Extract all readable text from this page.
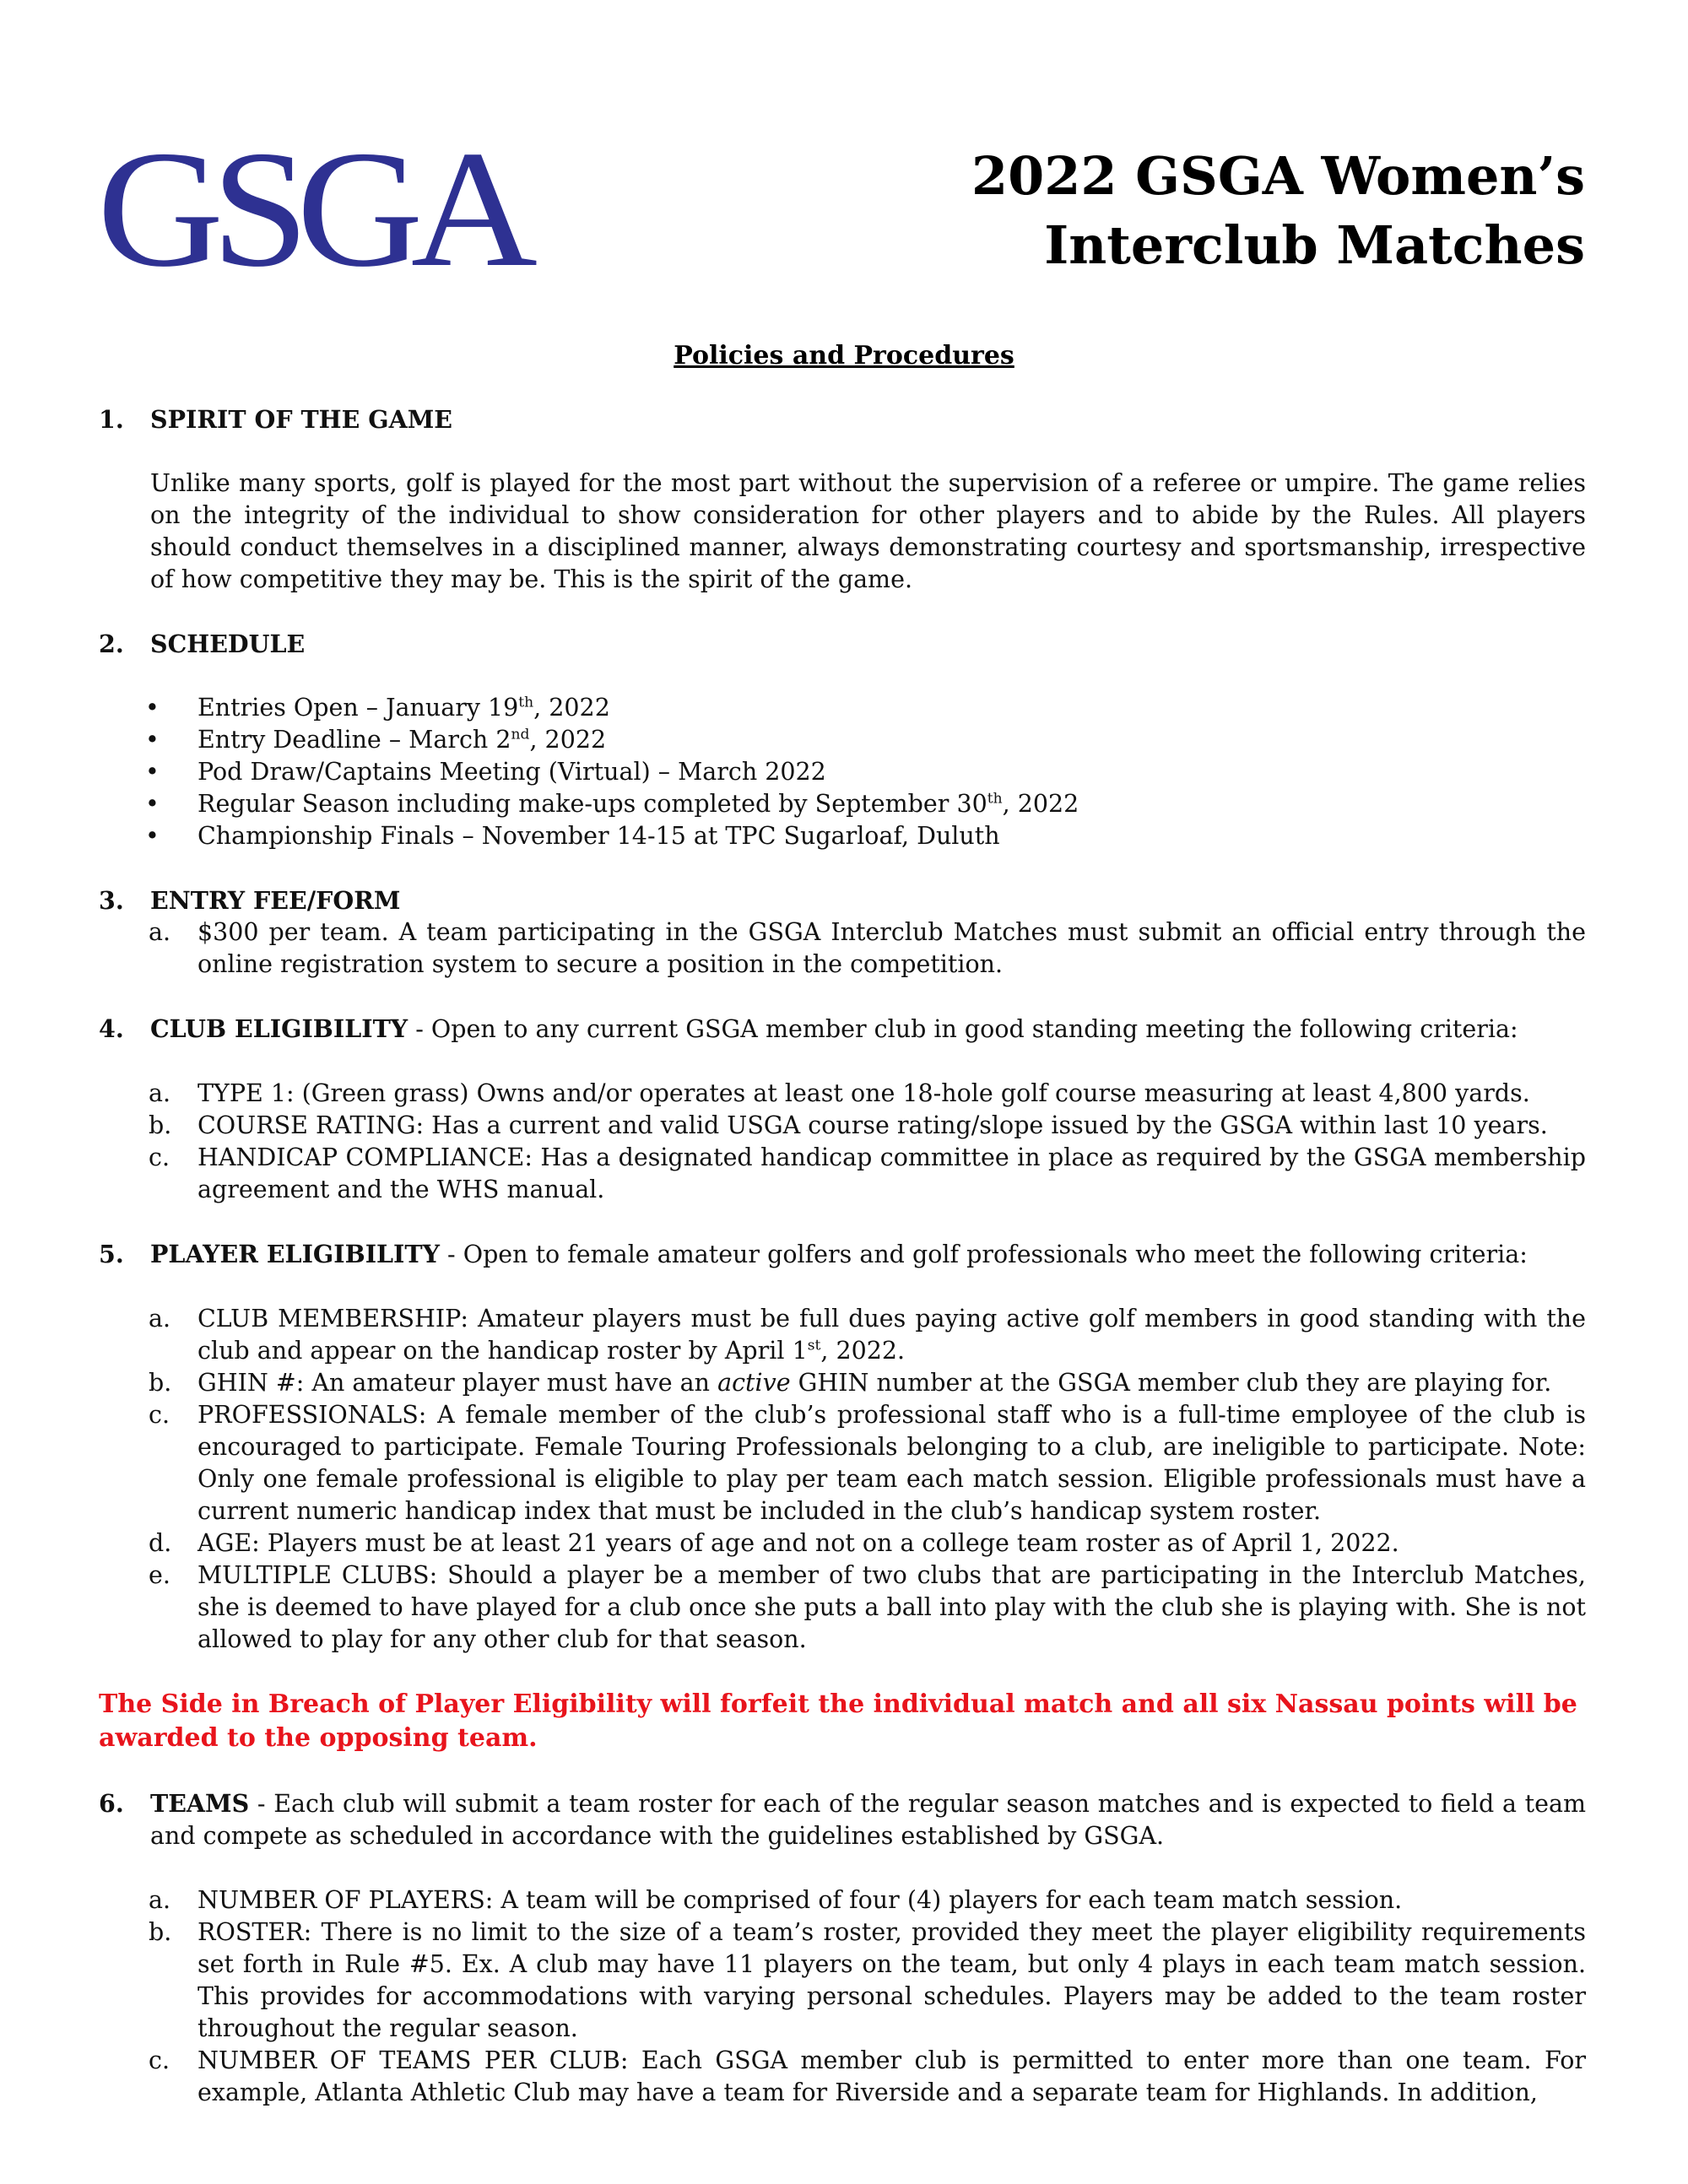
GSGA	2022 GSGA Women’s
Interclub Matches
Policies and Procedures
1.	SPIRIT OF THE GAME
Unlike many sports, golf is played for the most part without the supervision of a referee or umpire. The game relies on the integrity of the individual to show consideration for other players and to abide by the Rules. All players should conduct themselves in a disciplined manner, always demonstrating courtesy and sportsmanship, irrespective of how competitive they may be. This is the spirit of the game.
2.	SCHEDULE
• Entries Open – January 19th, 2022
• Entry Deadline – March 2nd, 2022
• Pod Draw/Captains Meeting (Virtual) – March 2022
• Regular Season including make-ups completed by September 30th, 2022
• Championship Finals – November 14-15 at TPC Sugarloaf, Duluth
3.	ENTRY FEE/FORM
a.	$300 per team. A team participating in the GSGA Interclub Matches must submit an official entry through the online registration system to secure a position in the competition.
4.	CLUB ELIGIBILITY - Open to any current GSGA member club in good standing meeting the following criteria:
a.	TYPE 1: (Green grass) Owns and/or operates at least one 18-hole golf course measuring at least 4,800 yards.
b.	COURSE RATING: Has a current and valid USGA course rating/slope issued by the GSGA within last 10 years.
c.	HANDICAP COMPLIANCE: Has a designated handicap committee in place as required by the GSGA membership agreement and the WHS manual.
5.	PLAYER ELIGIBILITY - Open to female amateur golfers and golf professionals who meet the following criteria:
a.	CLUB MEMBERSHIP: Amateur players must be full dues paying active golf members in good standing with the club and appear on the handicap roster by April 1st, 2022.
b.	GHIN #: An amateur player must have an active GHIN number at the GSGA member club they are playing for.
c.	PROFESSIONALS: A female member of the club’s professional staff who is a full-time employee of the club is encouraged to participate. Female Touring Professionals belonging to a club, are ineligible to participate. Note: Only one female professional is eligible to play per team each match session. Eligible professionals must have a current numeric handicap index that must be included in the club’s handicap system roster.
d.	AGE: Players must be at least 21 years of age and not on a college team roster as of April 1, 2022.
e.	MULTIPLE CLUBS: Should a player be a member of two clubs that are participating in the Interclub Matches, she is deemed to have played for a club once she puts a ball into play with the club she is playing with. She is not allowed to play for any other club for that season.
The Side in Breach of Player Eligibility will forfeit the individual match and all six Nassau points will be awarded to the opposing team.
6.	TEAMS - Each club will submit a team roster for each of the regular season matches and is expected to field a team and compete as scheduled in accordance with the guidelines established by GSGA.
a.	NUMBER OF PLAYERS: A team will be comprised of four (4) players for each team match session.
b.	ROSTER: There is no limit to the size of a team’s roster, provided they meet the player eligibility requirements set forth in Rule #5. Ex. A club may have 11 players on the team, but only 4 plays in each team match session. This provides for accommodations with varying personal schedules. Players may be added to the team roster throughout the regular season.
c.	NUMBER OF TEAMS PER CLUB: Each GSGA member club is permitted to enter more than one team. For example, Atlanta Athletic Club may have a team for Riverside and a separate team for Highlands. In addition,
